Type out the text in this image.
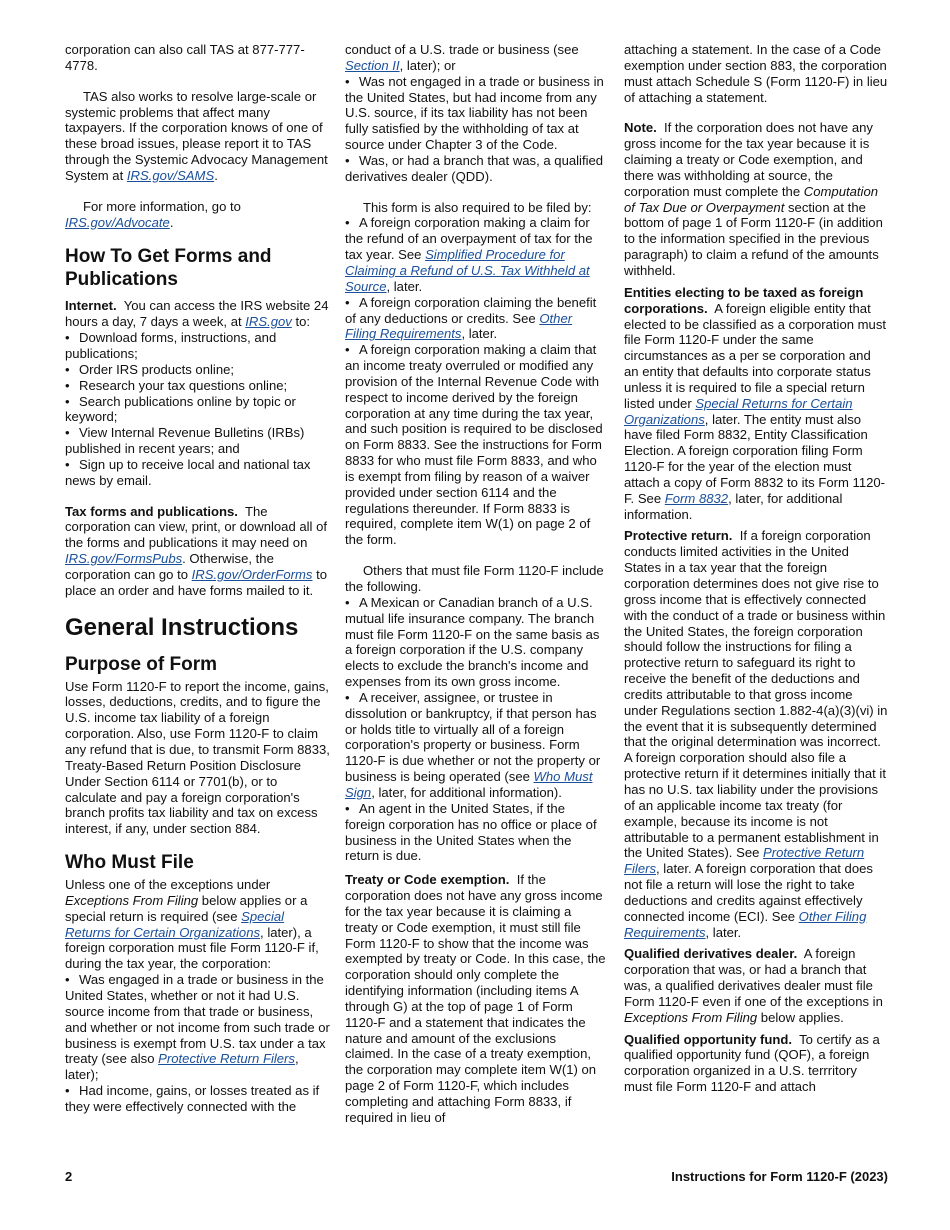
corporation can also call TAS at 877-777-4778.

TAS also works to resolve large-scale or systemic problems that affect many taxpayers. If the corporation knows of one of these broad issues, please report it to TAS through the Systemic Advocacy Management System at IRS.gov/SAMS.

For more information, go to IRS.gov/Advocate.

How To Get Forms and Publications

Internet. You can access the IRS website 24 hours a day, 7 days a week, at IRS.gov to:

• Download forms, instructions, and publications;
• Order IRS products online;
• Research your tax questions online;
• Search publications online by topic or keyword;
• View Internal Revenue Bulletins (IRBs) published in recent years; and
• Sign up to receive local and national tax news by email.

Tax forms and publications. The corporation can view, print, or download all of the forms and publications it may need on IRS.gov/FormsPubs. Otherwise, the corporation can go to IRS.gov/OrderForms to place an order and have forms mailed to it.

General Instructions
Purpose of Form

Use Form 1120-F to report the income, gains, losses, deductions, credits, and to figure the U.S. income tax liability of a foreign corporation. Also, use Form 1120-F to claim any refund that is due, to transmit Form 8833, Treaty-Based Return Position Disclosure Under Section 6114 or 7701(b), or to calculate and pay a foreign corporation's branch profits tax liability and tax on excess interest, if any, under section 884.

Who Must File

Unless one of the exceptions under Exceptions From Filing below applies or a special return is required (see Special Returns for Certain Organizations, later), a foreign corporation must file Form 1120-F if, during the tax year, the corporation:

• Was engaged in a trade or business in the United States, whether or not it had U.S. source income from that trade or business, and whether or not income from such trade or business is exempt from U.S. tax under a tax treaty (see also Protective Return Filers, later);
• Had income, gains, or losses treated as if they were effectively connected with the
conduct of a U.S. trade or business (see Section II, later); or
• Was not engaged in a trade or business in the United States, but had income from any U.S. source, if its tax liability has not been fully satisfied by the withholding of tax at source under Chapter 3 of the Code.
• Was, or had a branch that was, a qualified derivatives dealer (QDD).

This form is also required to be filed by:

• A foreign corporation making a claim for the refund of an overpayment of tax for the tax year. See Simplified Procedure for Claiming a Refund of U.S. Tax Withheld at Source, later.
• A foreign corporation claiming the benefit of any deductions or credits. See Other Filing Requirements, later.
• A foreign corporation making a claim that an income treaty overruled or modified any provision of the Internal Revenue Code with respect to income derived by the foreign corporation at any time during the tax year, and such position is required to be disclosed on Form 8833. See the instructions for Form 8833 for who must file Form 8833, and who is exempt from filing by reason of a waiver provided under section 6114 and the regulations thereunder. If Form 8833 is required, complete item W(1) on page 2 of the form.

Others that must file Form 1120-F include the following.

• A Mexican or Canadian branch of a U.S. mutual life insurance company. The branch must file Form 1120-F on the same basis as a foreign corporation if the U.S. company elects to exclude the branch's income and expenses from its own gross income.
• A receiver, assignee, or trustee in dissolution or bankruptcy, if that person has or holds title to virtually all of a foreign corporation's property or business. Form 1120-F is due whether or not the property or business is being operated (see Who Must Sign, later, for additional information).
• An agent in the United States, if the foreign corporation has no office or place of business in the United States when the return is due.

Treaty or Code exemption. If the corporation does not have any gross income for the tax year because it is claiming a treaty or Code exemption, it must still file Form 1120-F to show that the income was exempted by treaty or Code. In this case, the corporation should only complete the identifying information (including items A through G) at the top of page 1 of Form 1120-F and a statement that indicates the nature and amount of the exclusions claimed. In the case of a treaty exemption, the corporation may complete item W(1) on page 2 of Form 1120-F, which includes completing and attaching Form 8833, if required in lieu of

attaching a statement. In the case of a Code exemption under section 883, the corporation must attach Schedule S (Form 1120-F) in lieu of attaching a statement.

Note. If the corporation does not have any gross income for the tax year because it is claiming a treaty or Code exemption, and there was withholding at source, the corporation must complete the Computation of Tax Due or Overpayment section at the bottom of page 1 of Form 1120-F (in addition to the information specified in the previous paragraph) to claim a refund of the amounts withheld.

Entities electing to be taxed as foreign corporations. A foreign eligible entity that elected to be classified as a corporation must file Form 1120-F under the same circumstances as a per se corporation and an entity that defaults into corporate status unless it is required to file a special return listed under Special Returns for Certain Organizations, later. The entity must also have filed Form 8832, Entity Classification Election. A foreign corporation filing Form 1120-F for the year of the election must attach a copy of Form 8832 to its Form 1120-F. See Form 8832, later, for additional information.

Protective return. If a foreign corporation conducts limited activities in the United States in a tax year that the foreign corporation determines does not give rise to gross income that is effectively connected with the conduct of a trade or business within the United States, the foreign corporation should follow the instructions for filing a protective return to safeguard its right to receive the benefit of the deductions and credits attributable to that gross income under Regulations section 1.882-4(a)(3)(vi) in the event that it is subsequently determined that the original determination was incorrect. A foreign corporation should also file a protective return if it determines initially that it has no U.S. tax liability under the provisions of an applicable income tax treaty (for example, because its income is not attributable to a permanent establishment in the United States). See Protective Return Filers, later. A foreign corporation that does not file a return will lose the right to take deductions and credits against effectively connected income (ECI). See Other Filing Requirements, later.

Qualified derivatives dealer. A foreign corporation that was, or had a branch that was, a qualified derivatives dealer must file Form 1120-F even if one of the exceptions in Exceptions From Filing below applies.

Qualified opportunity fund. To certify as a qualified opportunity fund (QOF), a foreign corporation organized in a U.S. terrritory must file Form 1120-F and attach

2	Instructions for Form 1120-F (2023)
